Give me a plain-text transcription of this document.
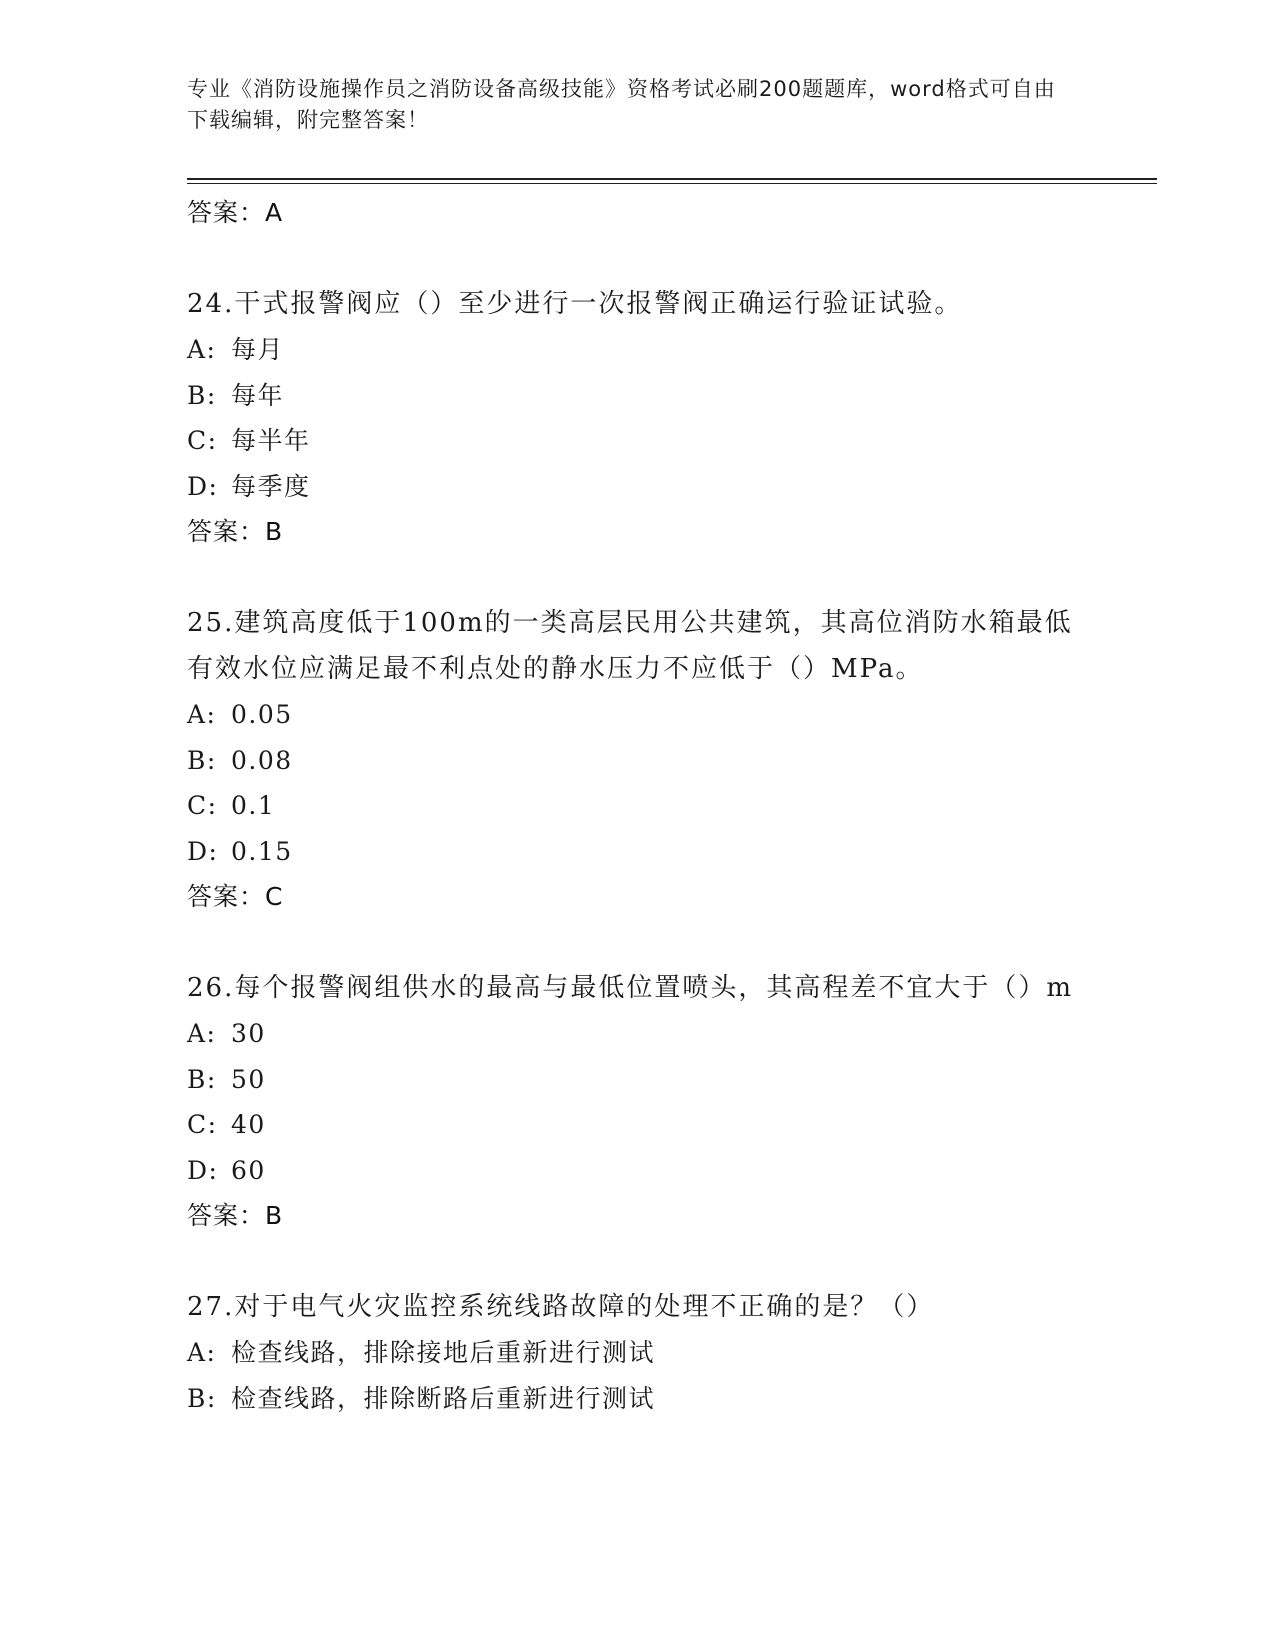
专业《消防设施操作员之消防设备高级技能》资格考试必刷200题题库，word格式可自由下载编辑，附完整答案！
答案：A
24.干式报警阀应（）至少进行一次报警阀正确运行验证试验。
A: 每月
B: 每年
C: 每半年
D: 每季度
答案：B
25.建筑高度低于100m的一类高层民用公共建筑，其高位消防水箱最低有效水位应满足最不利点处的静水压力不应低于（）MPa。
A: 0.05
B: 0.08
C: 0.1
D: 0.15
答案：C
26.每个报警阀组供水的最高与最低位置喷头，其高程差不宜大于（）m
A: 30
B: 50
C: 40
D: 60
答案：B
27.对于电气火灾监控系统线路故障的处理不正确的是？（）
A: 检查线路，排除接地后重新进行测试
B: 检查线路，排除断路后重新进行测试
